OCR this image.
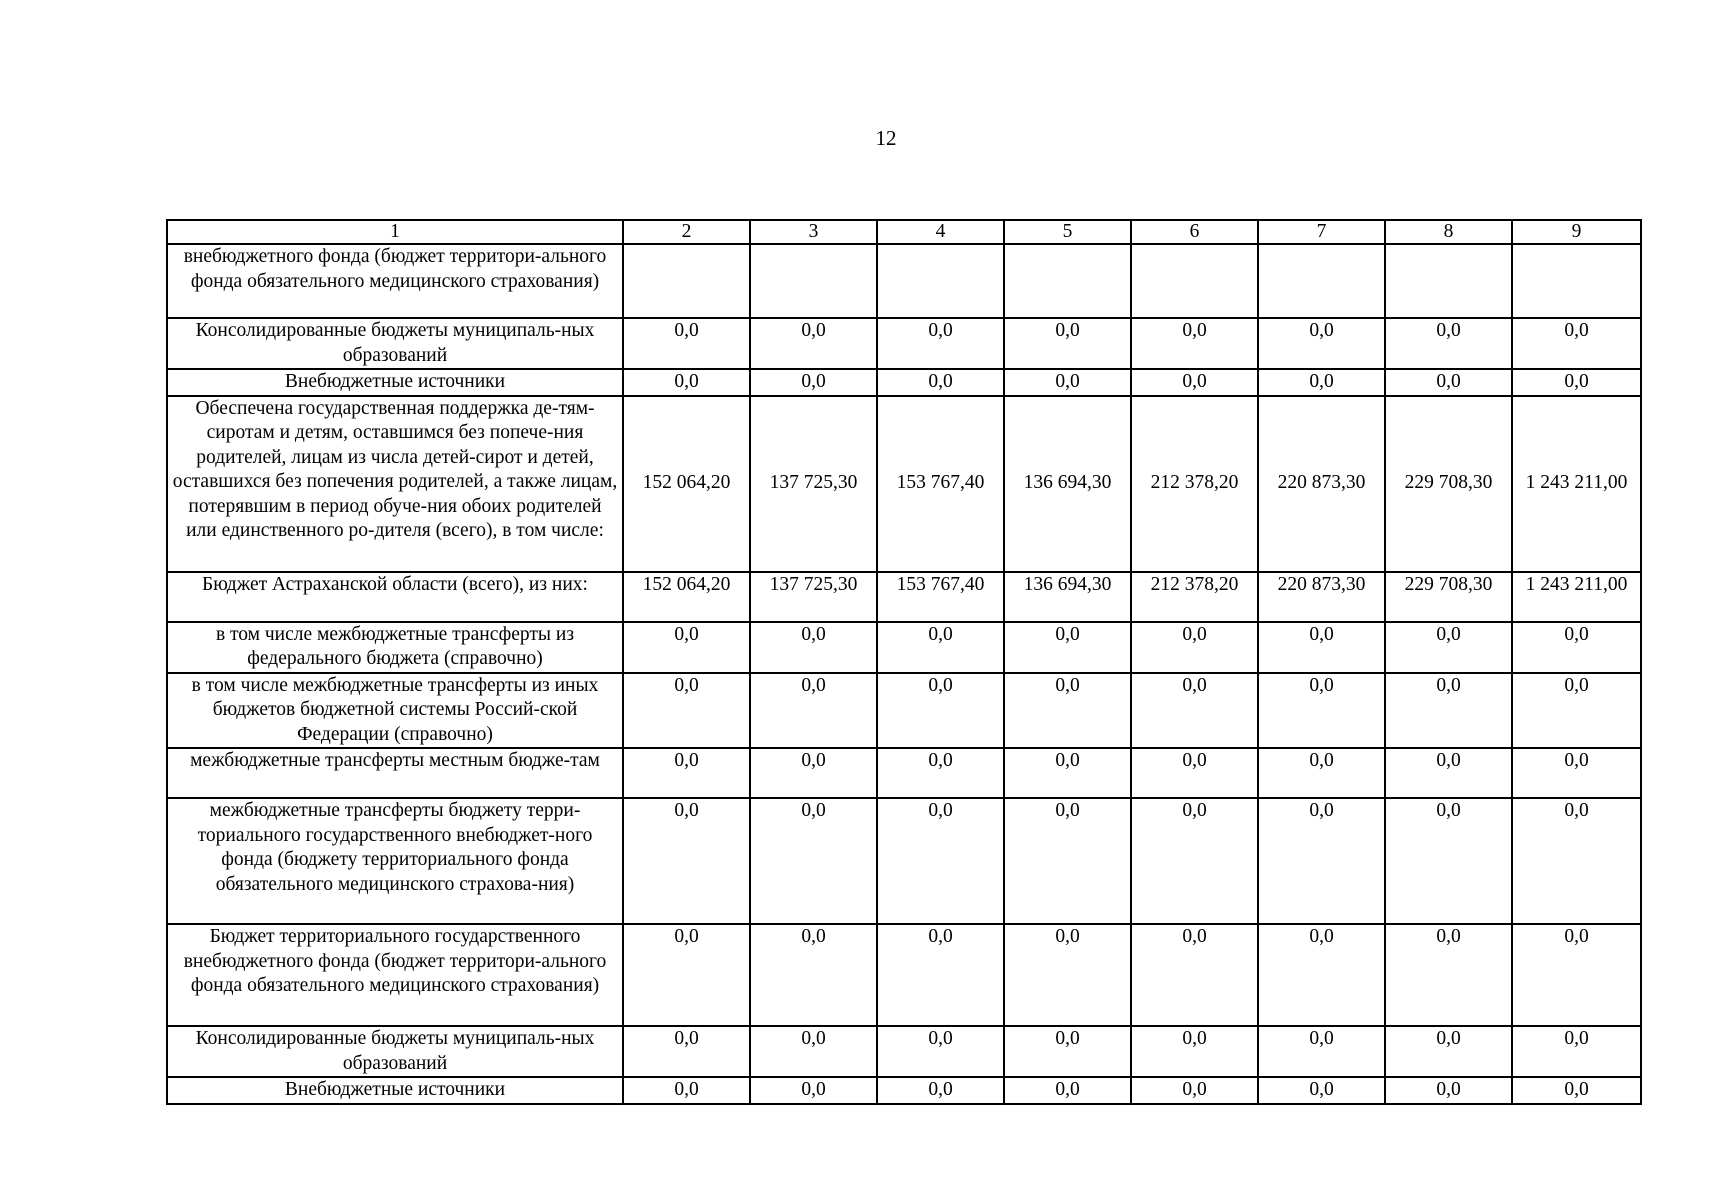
12
1	2	3	4	5	6	7	8	9
внебюджетного фонда (бюджет территори-ального фонда обязательного медицинского страхования)								
Консолидированные бюджеты муниципаль-ных образований	0,0	0,0	0,0	0,0	0,0	0,0	0,0	0,0
Внебюджетные источники	0,0	0,0	0,0	0,0	0,0	0,0	0,0	0,0
Обеспечена государственная поддержка де-тям-сиротам и детям, оставшимся без попече-ния родителей, лицам из числа детей-сирот и детей, оставшихся без попечения родителей, а также лицам, потерявшим в период обуче-ния обоих родителей или единственного ро-дителя (всего), в том числе:	152 064,20	137 725,30	153 767,40	136 694,30	212 378,20	220 873,30	229 708,30	1 243 211,00
Бюджет Астраханской области (всего), из них:	152 064,20	137 725,30	153 767,40	136 694,30	212 378,20	220 873,30	229 708,30	1 243 211,00
в том числе межбюджетные трансферты из федерального бюджета (справочно)	0,0	0,0	0,0	0,0	0,0	0,0	0,0	0,0
в том числе межбюджетные трансферты из иных бюджетов бюджетной системы Россий-ской Федерации (справочно)	0,0	0,0	0,0	0,0	0,0	0,0	0,0	0,0
межбюджетные трансферты местным бюдже-там	0,0	0,0	0,0	0,0	0,0	0,0	0,0	0,0
межбюджетные трансферты бюджету терри-ториального государственного внебюджет-ного фонда (бюджету территориального фонда обязательного медицинского страхова-ния)	0,0	0,0	0,0	0,0	0,0	0,0	0,0	0,0
Бюджет территориального государственного внебюджетного фонда (бюджет территори-ального фонда обязательного медицинского страхования)	0,0	0,0	0,0	0,0	0,0	0,0	0,0	0,0
Консолидированные бюджеты муниципаль-ных образований	0,0	0,0	0,0	0,0	0,0	0,0	0,0	0,0
Внебюджетные источники	0,0	0,0	0,0	0,0	0,0	0,0	0,0	0,0
